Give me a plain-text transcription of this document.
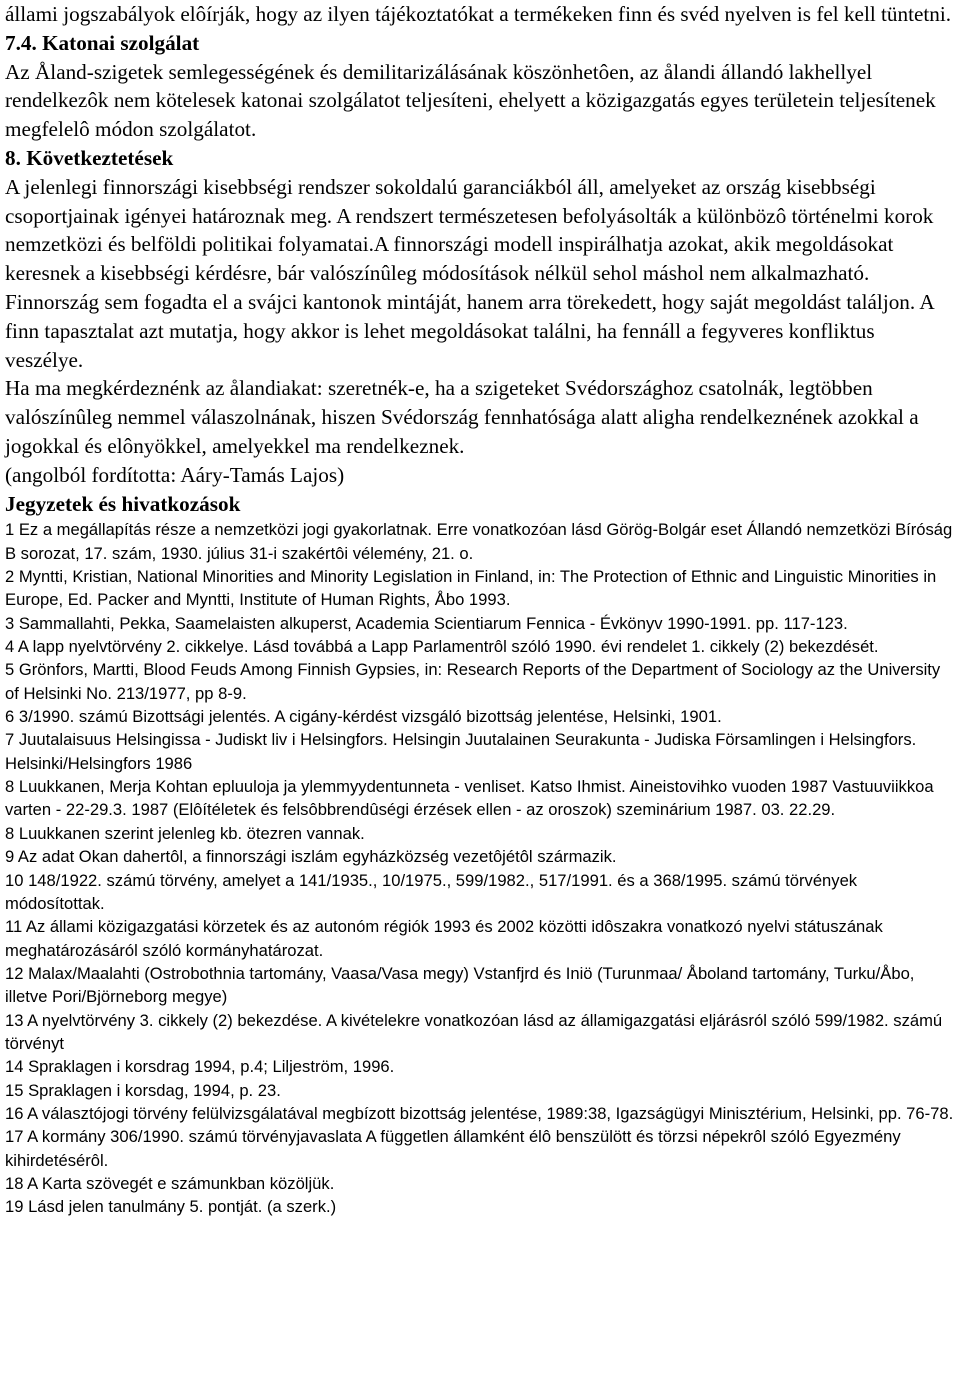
állami jogszabályok elôírják, hogy az ilyen tájékoztatókat a termékeken finn és svéd nyelven is fel kell tüntetni.

7.4. Katonai szolgálat

Az Åland-szigetek semlegességének és demilitarizálásának köszönhetôen, az ålandi állandó lakhellyel rendelkezôk nem kötelesek katonai szolgálatot teljesíteni, ehelyett a közigazgatás egyes területein teljesítenek megfelelô módon szolgálatot.

8. Következtetések

A jelenlegi finnországi kisebbségi rendszer sokoldalú garanciákból áll, amelyeket az ország kisebbségi csoportjainak igényei határoznak meg. A rendszert természetesen befolyásolták a különbözô történelmi korok nemzetközi és belföldi politikai folyamatai.A finnországi modell inspirálhatja azokat, akik megoldásokat keresnek a kisebbségi kérdésre, bár valószínûleg módosítások nélkül sehol máshol nem alkalmazható. Finnország sem fogadta el a svájci kantonok mintáját, hanem arra törekedett, hogy saját megoldást találjon. A finn tapasztalat azt mutatja, hogy akkor is lehet megoldásokat találni, ha fennáll a fegyveres konfliktus veszélye.

Ha ma megkérdeznénk az ålandiakat: szeretnék-e, ha a szigeteket Svédországhoz csatolnák, legtöbben valószínûleg nemmel válaszolnának, hiszen Svédország fennhatósága alatt aligha rendelkeznének azokkal a jogokkal és elônyökkel, amelyekkel ma rendelkeznek.

(angolból fordította: Aáry-Tamás Lajos)

Jegyzetek és hivatkozások

1 Ez a megállapítás része a nemzetközi jogi gyakorlatnak. Erre vonatkozóan lásd Görög-Bolgár eset Állandó nemzetközi Bíróság B sorozat, 17. szám, 1930. július 31-i szakértôi vélemény, 21. o.

2 Myntti, Kristian, National Minorities and Minority Legislation in Finland, in: The Protection of Ethnic and Linguistic Minorities in Europe, Ed. Packer and Myntti, Institute of Human Rights, Åbo 1993.

3 Sammallahti, Pekka, Saamelaisten alkuperst, Academia Scientiarum Fennica - Évkönyv 1990-1991. pp. 117-123.

4 A lapp nyelvtörvény 2. cikkelye. Lásd továbbá a Lapp Parlamentrôl szóló 1990. évi rendelet 1. cikkely (2) bekezdését.

5 Grönfors, Martti, Blood Feuds Among Finnish Gypsies, in: Research Reports of the Department of Sociology az the University of Helsinki No. 213/1977, pp 8-9.

6 3/1990. számú Bizottsági jelentés. A cigány-kérdést vizsgáló bizottság jelentése, Helsinki, 1901.

7 Juutalaisuus Helsingissa - Judiskt liv i Helsingfors. Helsingin Juutalainen Seurakunta - Judiska Församlingen i Helsingfors. Helsinki/Helsingfors 1986

8 Luukkanen, Merja Kohtan epluuloja ja ylemmyydentunneta - venliset. Katso Ihmist. Aineistovihko vuoden 1987 Vastuuviikkoa varten - 22-29.3. 1987 (Elôítéletek és felsôbbrendûségi érzések ellen - az oroszok) szeminárium 1987. 03. 22.29.

8 Luukkanen szerint jelenleg kb. ötezren vannak.

9 Az adat Okan dahertôl, a finnországi iszlám egyházközség vezetôjétôl származik.

10 148/1922. számú törvény, amelyet a 141/1935., 10/1975., 599/1982., 517/1991. és a 368/1995. számú törvények módosítottak.

11 Az állami közigazgatási körzetek és az autonóm régiók 1993 és 2002 közötti idôszakra vonatkozó nyelvi státuszának meghatározásáról szóló kormányhatározat.

12 Malax/Maalahti (Ostrobothnia tartomány, Vaasa/Vasa megy) Vstanfjrd és Iniö (Turunmaa/ Åboland tartomány, Turku/Åbo, illetve Pori/Björneborg megye)

13 A nyelvtörvény 3. cikkely (2) bekezdése. A kivételekre vonatkozóan lásd az államigazgatási eljárásról szóló 599/1982. számú törvényt

14 Spraklagen i korsdrag 1994, p.4; Liljeström, 1996.

15 Spraklagen i korsdag, 1994, p. 23.

16 A választójogi törvény felülvizsgálatával megbízott bizottság jelentése, 1989:38, Igazságügyi Minisztérium, Helsinki, pp. 76-78.

17 A kormány 306/1990. számú törvényjavaslata A független államként élô benszülött és törzsi népekrôl szóló Egyezmény kihirdetésérôl.

18 A Karta szövegét e számunkban közöljük.

19 Lásd jelen tanulmány 5. pontját. (a szerk.)
